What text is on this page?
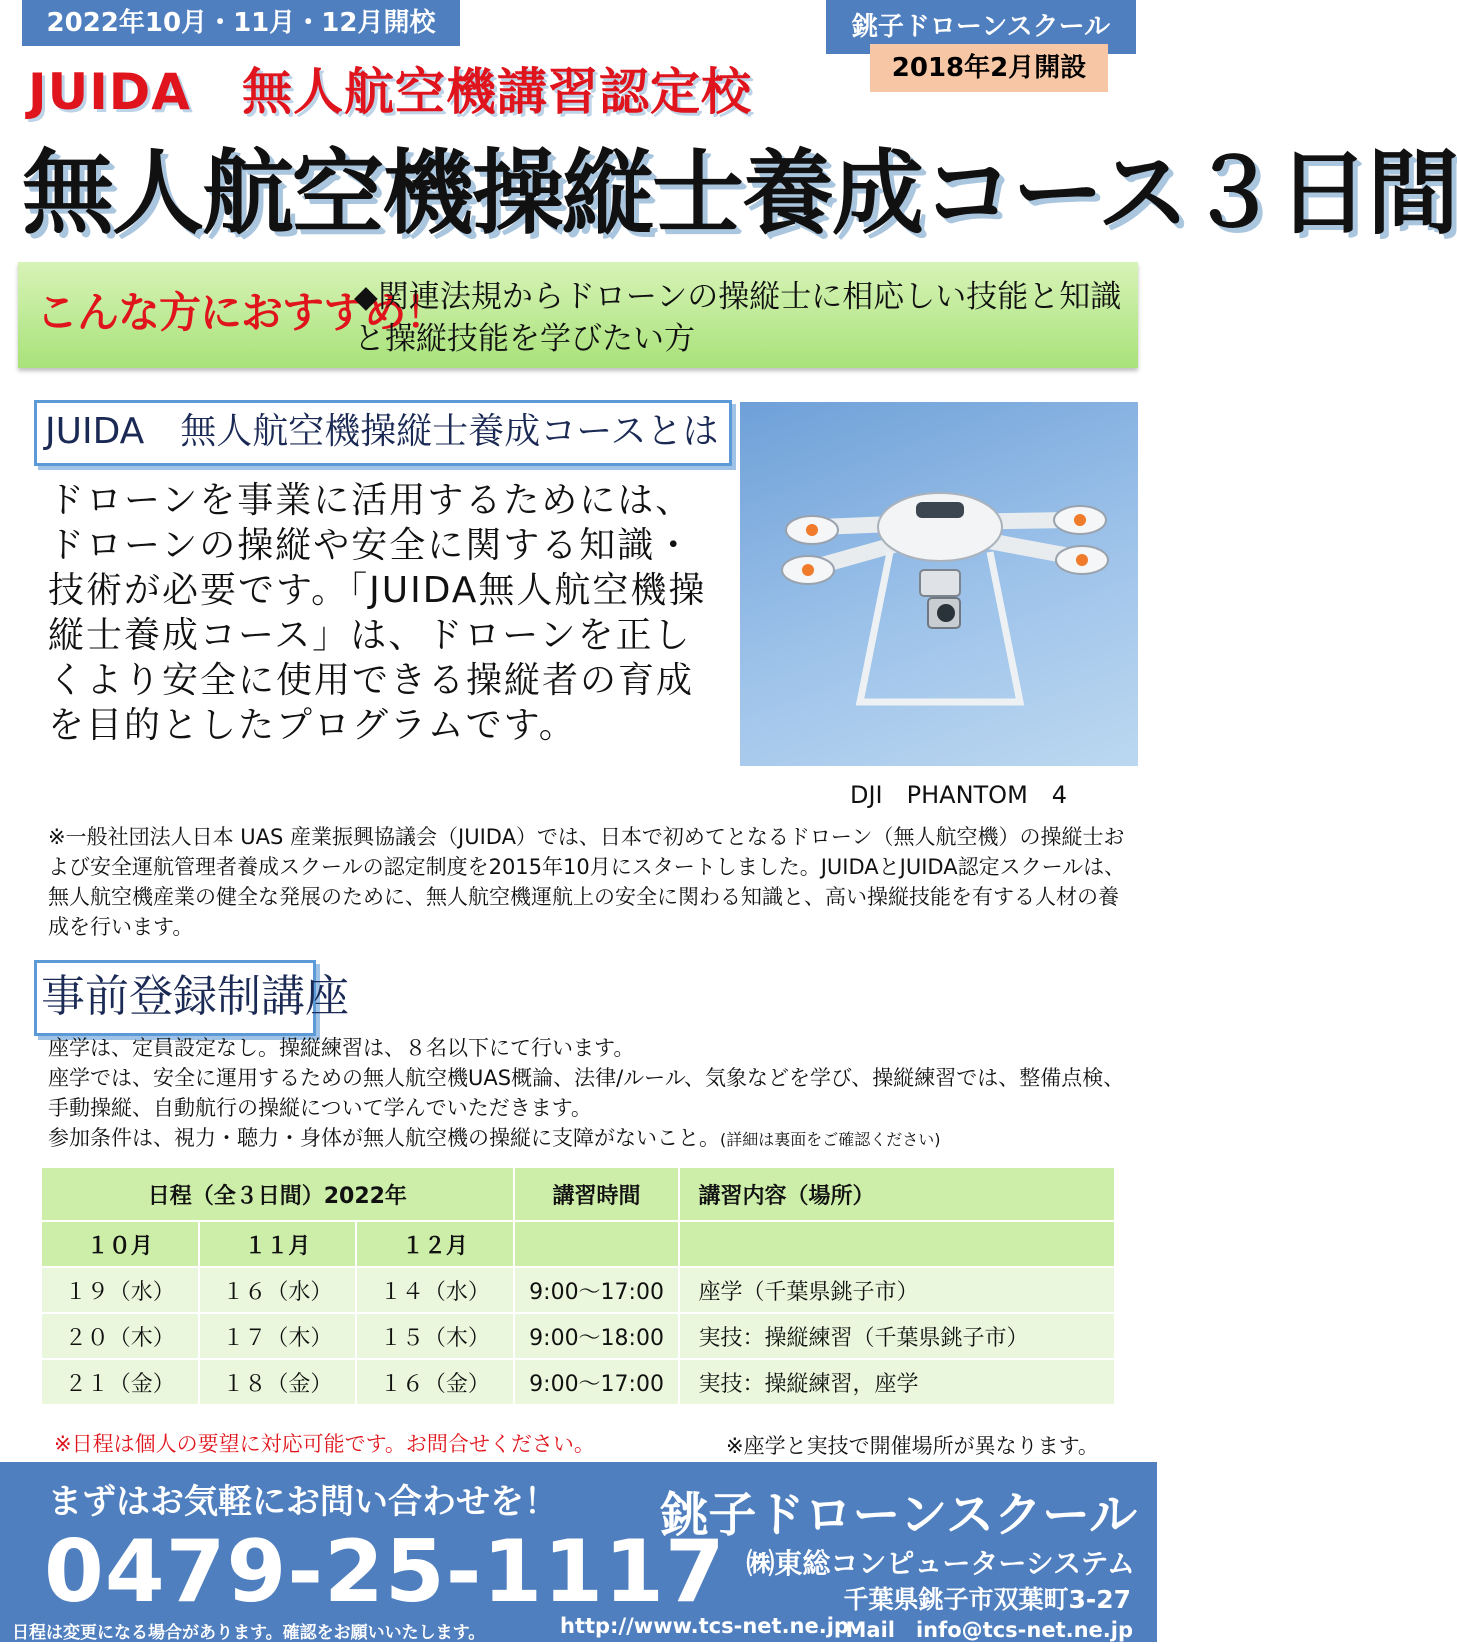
2022年10月・11月・12月開校	銚子ドローンスクール
2018年2月開設
JUIDA　無人航空機講習認定校
無人航空機操縦士養成コース３日間
こんな方におすすめ！
◆関連法規からドローンの操縦士に相応しい技能と知識と操縦技能を学びたい方
JUIDA　無人航空機操縦士養成コースとは
ドローンを事業に活用するためには、ドローンの操縦や安全に関する知識・技術が必要です。「JUIDA無人航空機操縦士養成コース」は、ドローンを正しくより安全に使用できる操縦者の育成を目的としたプログラムです。
DJI　PHANTOM　4
※一般社団法人日本 UAS 産業振興協議会（JUIDA）では、日本で初めてとなるドローン（無人航空機）の操縦士および安全運航管理者養成スクールの認定制度を2015年10月にスタートしました。JUIDAとJUIDA認定スクールは、無人航空機産業の健全な発展のために、無人航空機運航上の安全に関わる知識と、高い操縦技能を有する人材の養成を行います。
事前登録制講座
座学は、定員設定なし。操縦練習は、８名以下にて行います。
座学では、安全に運用するための無人航空機UAS概論、法律/ルール、気象などを学び、操縦練習では、整備点検、手動操縦、自動航行の操縦について学んでいただきます。
参加条件は、視力・聴力・身体が無人航空機の操縦に支障がないこと。(詳細は裏面をご確認ください)
日程（全３日間）2022年			講習時間	講習内容（場所）
１０月	１１月	１２月		
１９（水）	１６（水）	１４（水）	9:00～17:00	座学（千葉県銚子市）
２０（木）	１７（木）	１５（木）	9:00～18:00	実技：操縦練習（千葉県銚子市）
２１（金）	１８（金）	１６（金）	9:00～17:00	実技：操縦練習，座学
※日程は個人の要望に対応可能です。お問合せください。	※座学と実技で開催場所が異なります。
まずはお気軽にお問い合わせを！
0479-25-1117
日程は変更になる場合があります。確認をお願いいたします。
銚子ドローンスクール
㈱東総コンピューターシステム
千葉県銚子市双葉町3-27
http://www.tcs-net.ne.jp
Mail　info@tcs-net.ne.jp
